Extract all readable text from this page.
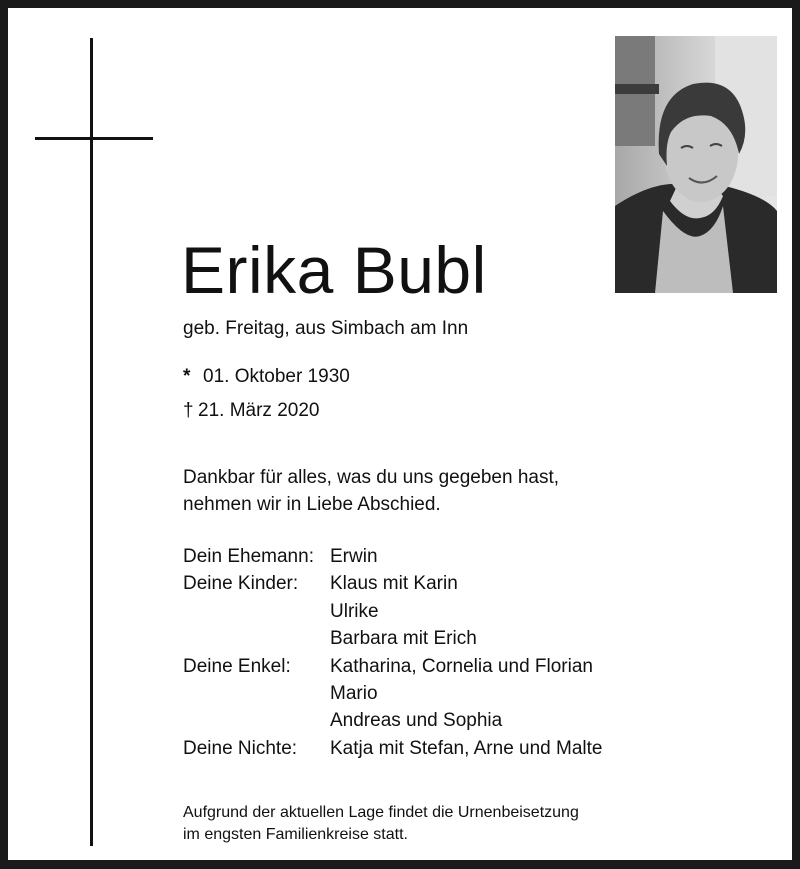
Erika Bubl
geb. Freitag, aus Simbach am Inn
* 01. Oktober 1930
† 21. März 2020
Dankbar für alles, was du uns gegeben hast,
nehmen wir in Liebe Abschied.
Dein Ehemann: Erwin
Deine Kinder: Klaus mit Karin
Ulrike
Barbara mit Erich
Deine Enkel: Katharina, Cornelia und Florian
Mario
Andreas und Sophia
Deine Nichte: Katja mit Stefan, Arne und Malte
Aufgrund der aktuellen Lage findet die Urnenbeisetzung
im engsten Familienkreise statt.
